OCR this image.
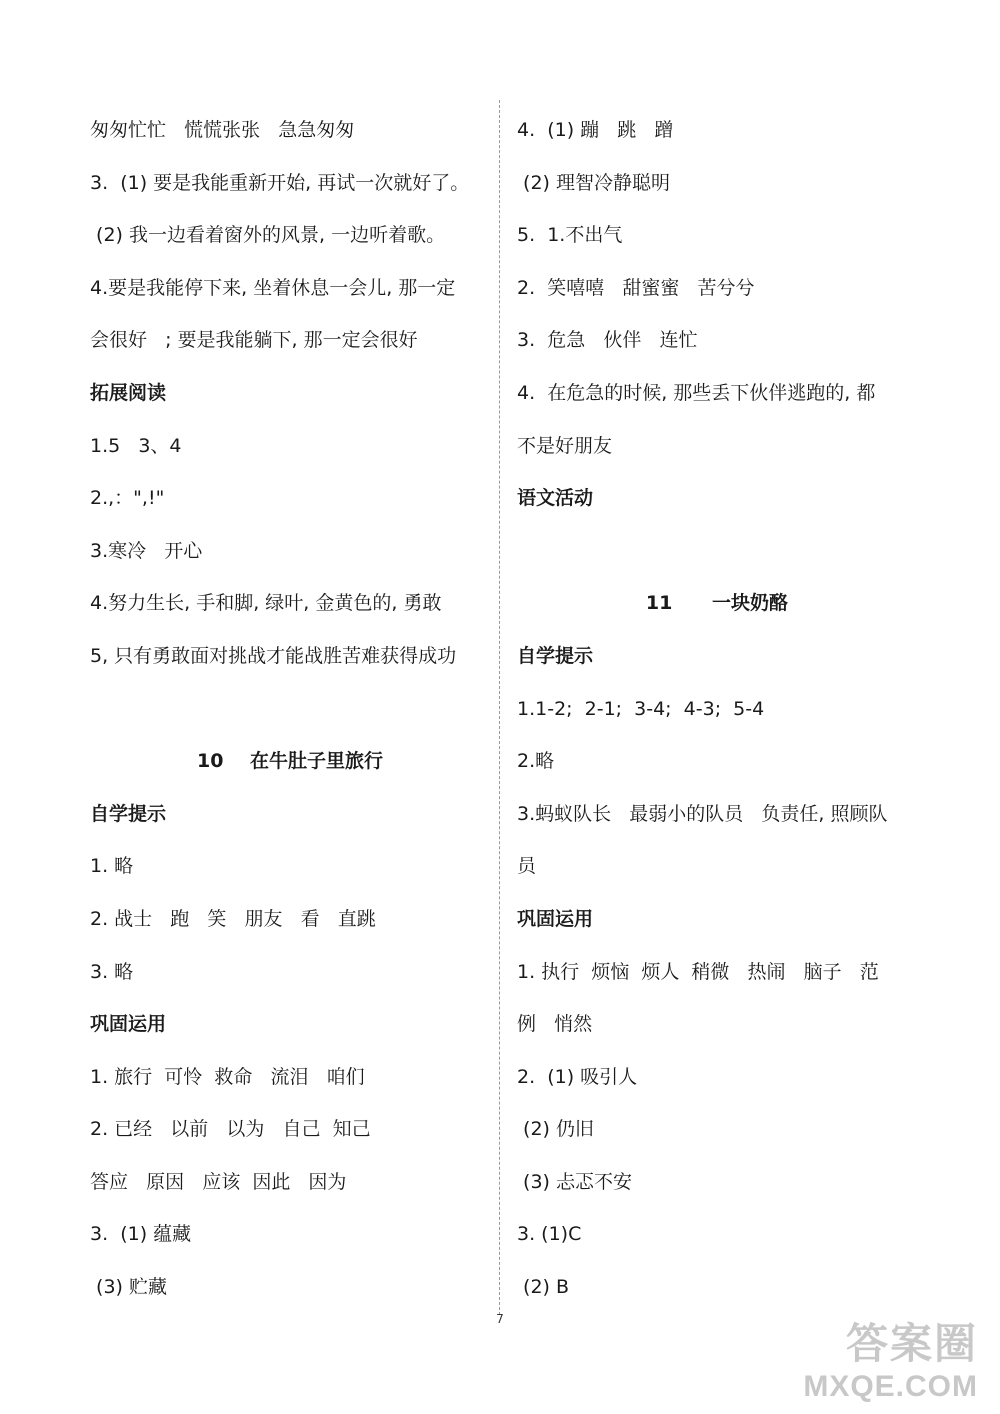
匆匆忙忙   慌慌张张   急急匆匆
3.  (1) 要是我能重新开始, 再试一次就好了。
(2) 我一边看着窗外的风景, 一边听着歌。
4.要是我能停下来, 坐着休息一会儿, 那一定
会很好   ; 要是我能躺下, 那一定会很好
拓展阅读
1.5   3、4
2.,：",!"
3.寒冷   开心
4.努力生长, 手和脚, 绿叶, 金黄色的, 勇敢
5, 只有勇敢面对挑战才能战胜苦难获得成功
10    在牛肚子里旅行
自学提示
1. 略
2. 战士   跑   笑   朋友   看   直跳
3. 略
巩固运用
1. 旅行  可怜  救命   流泪   咱们
2. 已经   以前   以为   自己  知己
答应   原因   应该  因此   因为
3.  (1) 蕴藏
(3) 贮藏
4.  (1) 蹦   跳   蹭
(2) 理智冷静聪明
5.  1.不出气
2.  笑嘻嘻   甜蜜蜜   苦兮兮
3.  危急   伙伴   连忙
4.  在危急的时候, 那些丢下伙伴逃跑的, 都
不是好朋友
语文活动
11      一块奶酪
自学提示
1.1-2;  2-1;  3-4;  4-3;  5-4
2.略
3.蚂蚁队长   最弱小的队员   负责任, 照顾队
员
巩固运用
1. 执行  烦恼  烦人  稍微   热闹   脑子   范
例   悄然
2.  (1) 吸引人
(2) 仍旧
(3) 忐忑不安
3. (1)C
(2) B
7
答案圈
MXQE.COM
